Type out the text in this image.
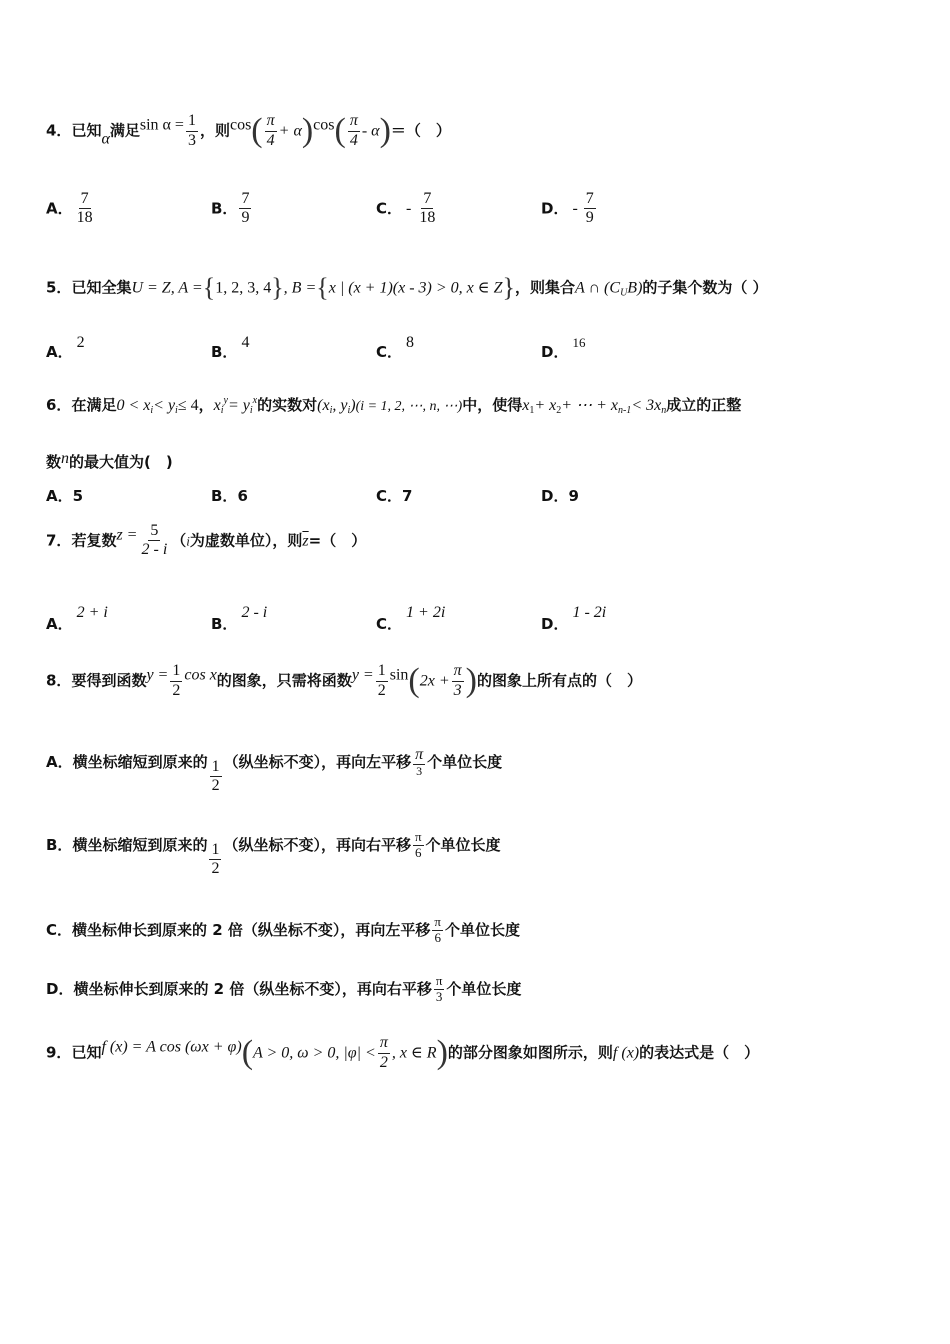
4．已知α满足$\sin \alpha = \frac{1}{3}$ ，则$\cos( \frac{\pi}{4} + \alpha)\cos( \frac{\pi}{4} - \alpha)=$（　）
A． $\frac{7}{18}$	B． $\frac{7}{9}$	C． - $\frac{7}{18}$	D． - $\frac{7}{9}$
5．已知全集U = Z, A ={1, 2, 3, 4}, B ={x | (x + 1)(x - 3) > 0, x ∈ Z}，则集合A ∩ $(C_UB)$的子集个数为（ ）
A．2
B．4
C．8
D．16
6．在满足$0 < x_i< y_i\le 4$，$x_i^y= y_i^x$的实数对($x_i$, $y_i)(i = 1$, 2, ⋯, n, ⋯)中，使得$x_1+ x_2+$ ⋯ + $x_{n-1}< 3x_n$成立的正整
数n的最大值为(　)
A．5	B．6	C．7	D．9
7．若复数$z = \frac{5}{2 - i} (i$为虚数单位），则$\overline{z}=$（　）
A．2 + i
B．2 - i
C．1 + 2i
D．1 - 2i
8．要得到函数$y = \frac{1}{2}$ cos x的图象，只需将函数$y = \frac{1}{2} \sin(2x + \frac{\pi}{3}$ )的图象上所有点的（　）
A．横坐标缩短到原来的 $\frac{1}{2}$ （纵坐标不变），再向左平移 $\frac{\pi}{3}$ 个单位长度
B．横坐标缩短到原来的 $\frac{1}{2}$ （纵坐标不变），再向右平移 $\frac{\pi}{6}$ 个单位长度
C．横坐标伸长到原来的 2 倍（纵坐标不变），再向左平移 $\frac{\pi}{6}$ 个单位长度
D．横坐标伸长到原来的 2 倍（纵坐标不变），再向右平移 $\frac{\pi}{3}$ 个单位长度
9．已知f (x) = A cos (ωx + φ)(A > 0, ω > 0, $|\varphi| < \frac{\pi}{2}$ , x ∈ R)的部分图象如图所示，则f (x)的表达式是（　）
